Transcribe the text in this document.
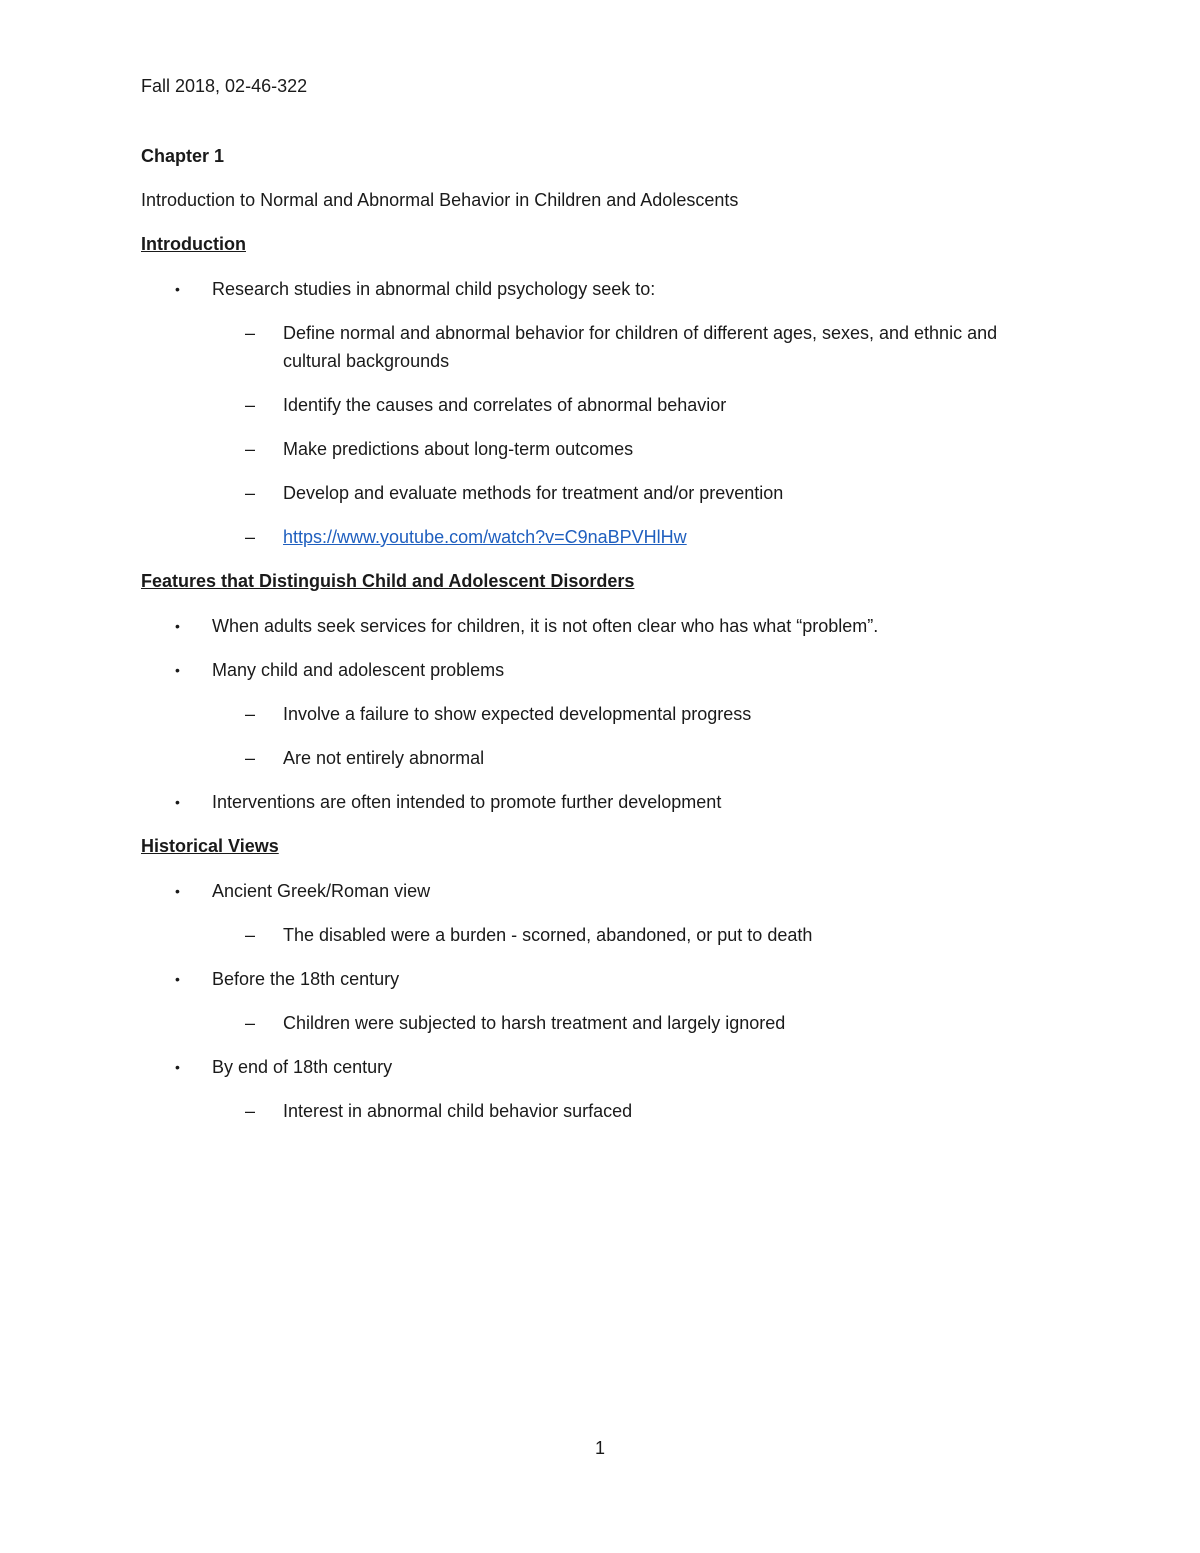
Fall 2018, 02-46-322

Chapter 1

Introduction to Normal and Abnormal Behavior in Children and Adolescents

Introduction

• Research studies in abnormal child psychology seek to:
– Define normal and abnormal behavior for children of different ages, sexes, and ethnic and cultural backgrounds
– Identify the causes and correlates of abnormal behavior
– Make predictions about long-term outcomes
– Develop and evaluate methods for treatment and/or prevention
– https://www.youtube.com/watch?v=C9naBPVHlHw

Features that Distinguish Child and Adolescent Disorders

• When adults seek services for children, it is not often clear who has what “problem”.
• Many child and adolescent problems
– Involve a failure to show expected developmental progress
– Are not entirely abnormal
• Interventions are often intended to promote further development

Historical Views

• Ancient Greek/Roman view
– The disabled were a burden - scorned, abandoned, or put to death
• Before the 18th century
– Children were subjected to harsh treatment and largely ignored
• By end of 18th century
– Interest in abnormal child behavior surfaced
1
